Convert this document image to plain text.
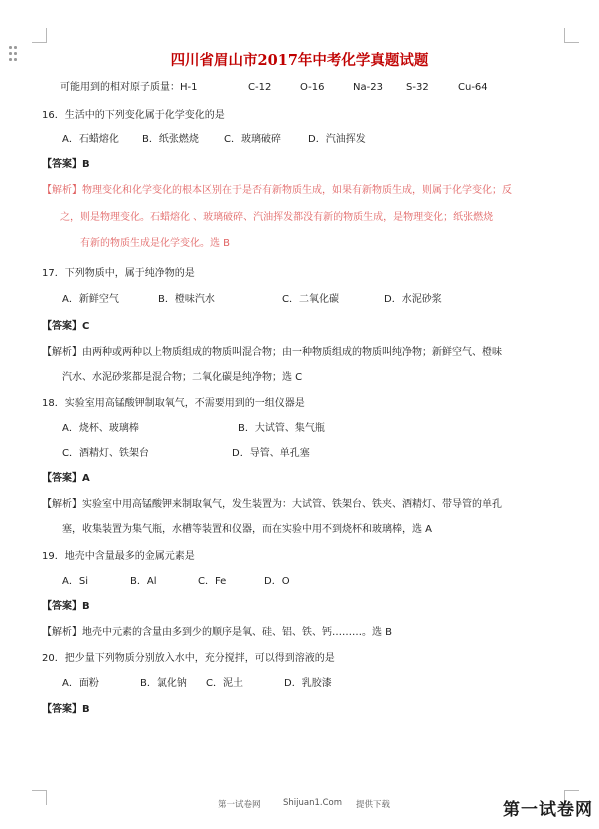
四川省眉山市2017年中考化学真题试题
可能用到的相对原子质量：H-1	C-12	O-16	Na-23 S-32	Cu-64
16．生活中的下列变化属于化学变化的是
A．石蜡熔化 B．纸张燃烧	C．玻璃破碎	D．汽油挥发
【答案】B
【解析】物理变化和化学变化的根本区别在于是否有新物质生成，如果有新物质生成，则属于化学变化；反
之，则是物理变化。石蜡熔化 、玻璃破碎、汽油挥发都没有新的物质生成，是物理变化；纸张燃烧
有新的物质生成是化学变化。选 B
17．下列物质中，属于纯净物的是
A．新鲜空气	B．橙味汽水	C．二氧化碳	D．水泥砂浆
【答案】C
【解析】由两种或两种以上物质组成的物质叫混合物；由一种物质组成的物质叫纯净物；新鲜空气、橙味
汽水、水泥砂浆都是混合物；二氧化碳是纯净物；选 C
18．实验室用高锰酸钾制取氧气，不需要用到的一组仪器是
A．烧杯、玻璃棒	B．大试管、集气瓶
C．酒精灯、铁架台	D．导管、单孔塞
【答案】A
【解析】实验室中用高锰酸钾来制取氧气，发生装置为：大试管、铁架台、铁夹、酒精灯、带导管的单孔
塞，收集装置为集气瓶，水槽等装置和仪器，而在实验中用不到烧杯和玻璃棒，选 A
19．地壳中含量最多的金属元素是
A．Si	B．Al	C．Fe	D．O
【答案】B
【解析】地壳中元素的含量由多到少的顺序是氧、硅、铝、铁、钙………。选 B
20．把少量下列物质分别放入水中，充分搅拌，可以得到溶液的是
A．面粉	B．氯化钠 C．泥土	D．乳胶漆
【答案】B
第一试卷网	Shijuan1.Com 提供下载	第一试卷网
